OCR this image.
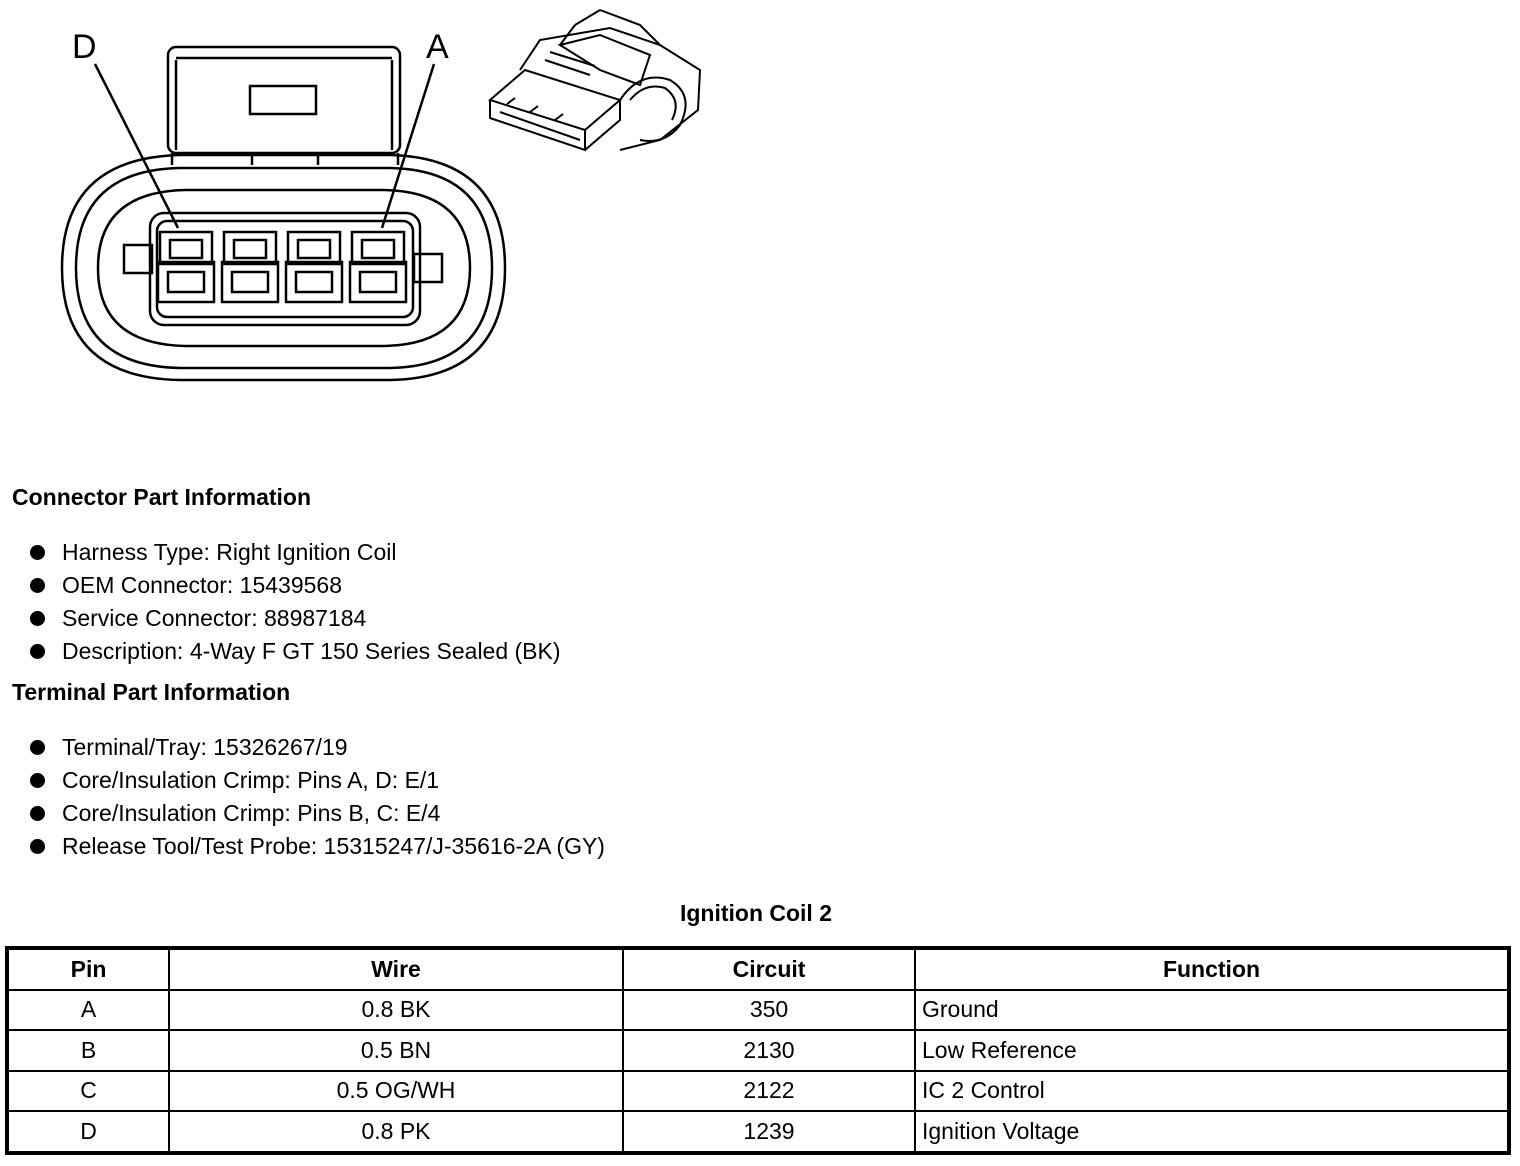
D	A
Connector Part Information
Harness Type: Right Ignition Coil
OEM Connector: 15439568
Service Connector: 88987184
Description: 4-Way F GT 150 Series Sealed (BK)
Terminal Part Information
Terminal/Tray: 15326267/19
Core/Insulation Crimp: Pins A, D: E/1
Core/Insulation Crimp: Pins B, C: E/4
Release Tool/Test Probe: 15315247/J-35616-2A (GY)
Ignition Coil 2
Pin	Wire	Circuit	Function
A	0.8 BK	350	Ground
B	0.5 BN	2130	Low Reference
C	0.5 OG/WH	2122	IC 2 Control
D	0.8 PK	1239	Ignition Voltage
